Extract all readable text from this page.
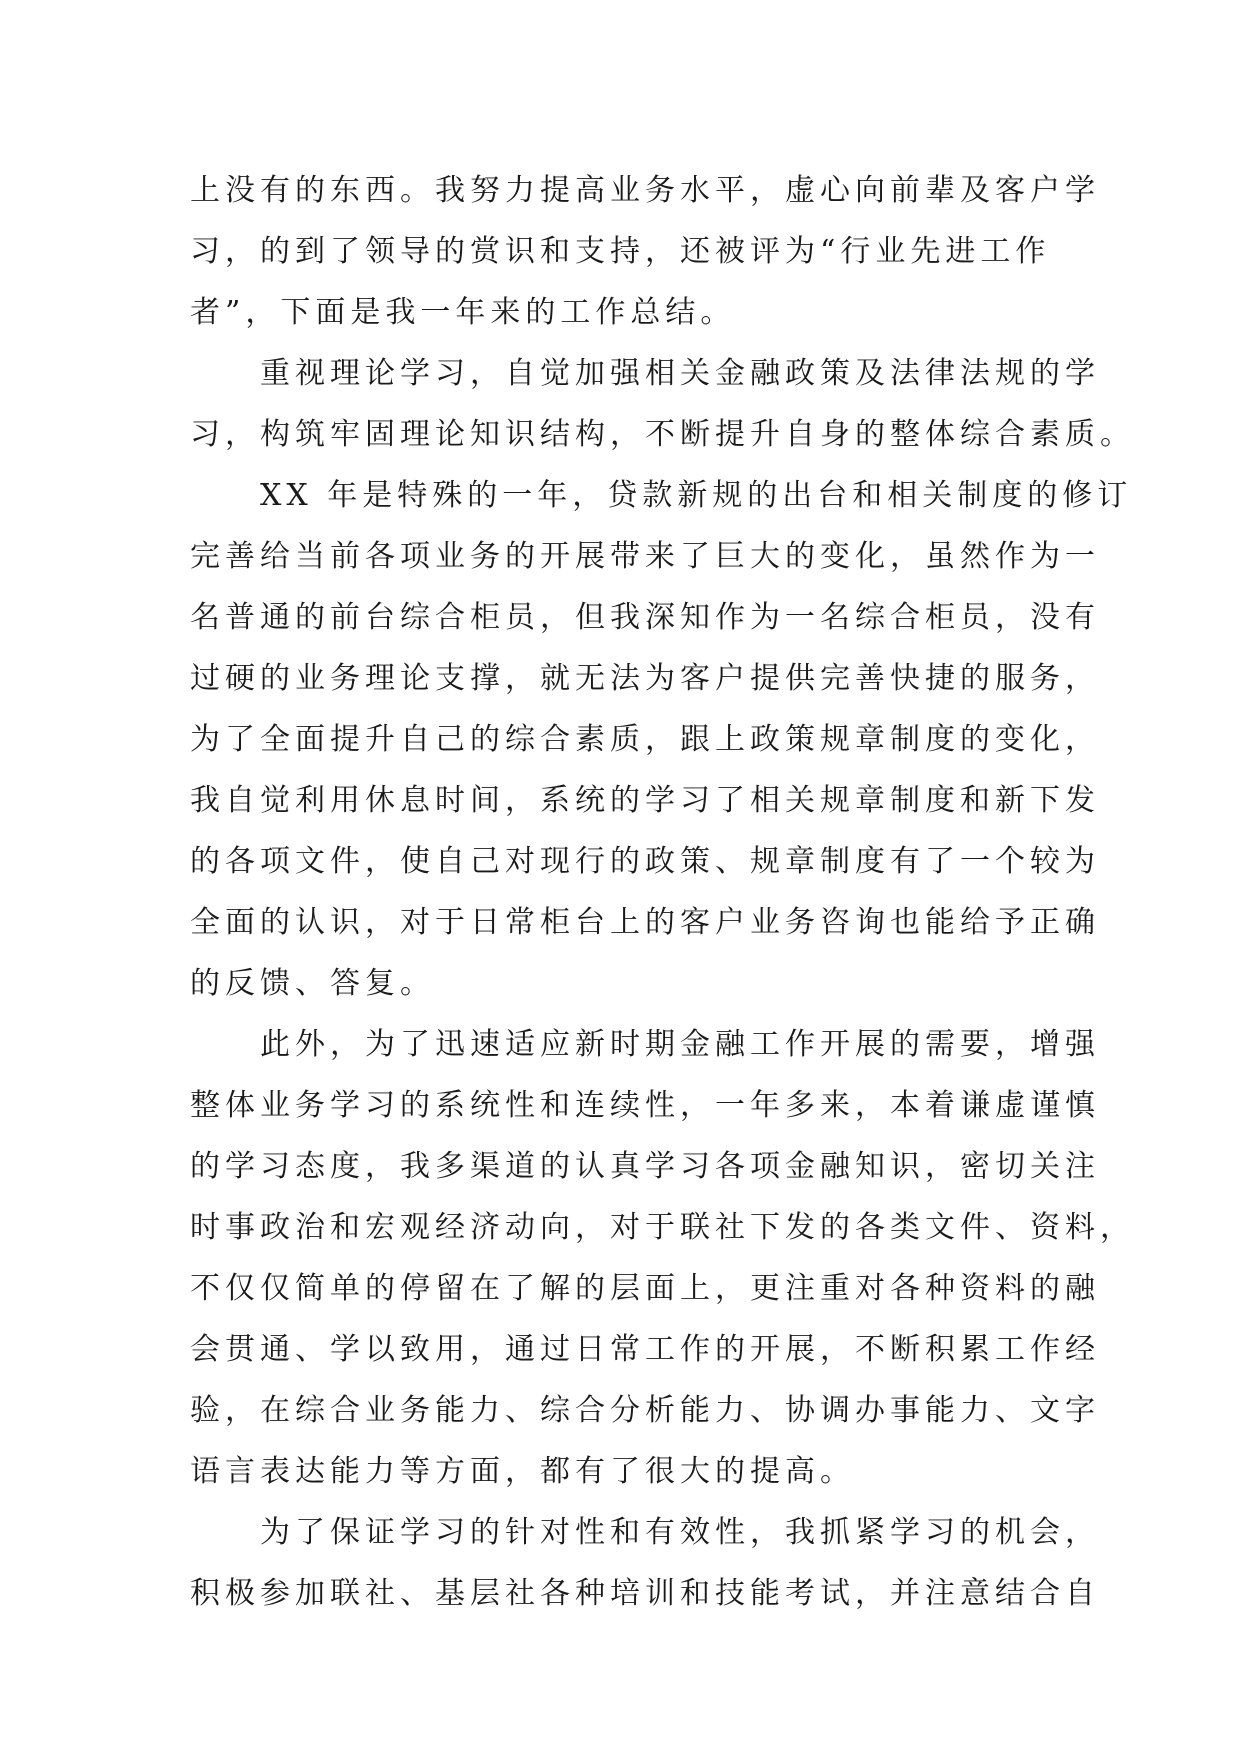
上没有的东西。我努力提高业务水平，虚心向前辈及客户学
习，的到了领导的赏识和支持，还被评为“行业先进工作
者”，下面是我一年来的工作总结。
重视理论学习，自觉加强相关金融政策及法律法规的学
习，构筑牢固理论知识结构，不断提升自身的整体综合素质。
XX 年是特殊的一年，贷款新规的出台和相关制度的修订
完善给当前各项业务的开展带来了巨大的变化，虽然作为一
名普通的前台综合柜员，但我深知作为一名综合柜员，没有
过硬的业务理论支撑，就无法为客户提供完善快捷的服务，
为了全面提升自己的综合素质，跟上政策规章制度的变化，
我自觉利用休息时间，系统的学习了相关规章制度和新下发
的各项文件，使自己对现行的政策、规章制度有了一个较为
全面的认识，对于日常柜台上的客户业务咨询也能给予正确
的反馈、答复。
此外，为了迅速适应新时期金融工作开展的需要，增强
整体业务学习的系统性和连续性，一年多来，本着谦虚谨慎
的学习态度，我多渠道的认真学习各项金融知识，密切关注
时事政治和宏观经济动向，对于联社下发的各类文件、资料，
不仅仅简单的停留在了解的层面上，更注重对各种资料的融
会贯通、学以致用，通过日常工作的开展，不断积累工作经
验，在综合业务能力、综合分析能力、协调办事能力、文字
语言表达能力等方面，都有了很大的提高。
为了保证学习的针对性和有效性，我抓紧学习的机会，
积极参加联社、基层社各种培训和技能考试，并注意结合自
